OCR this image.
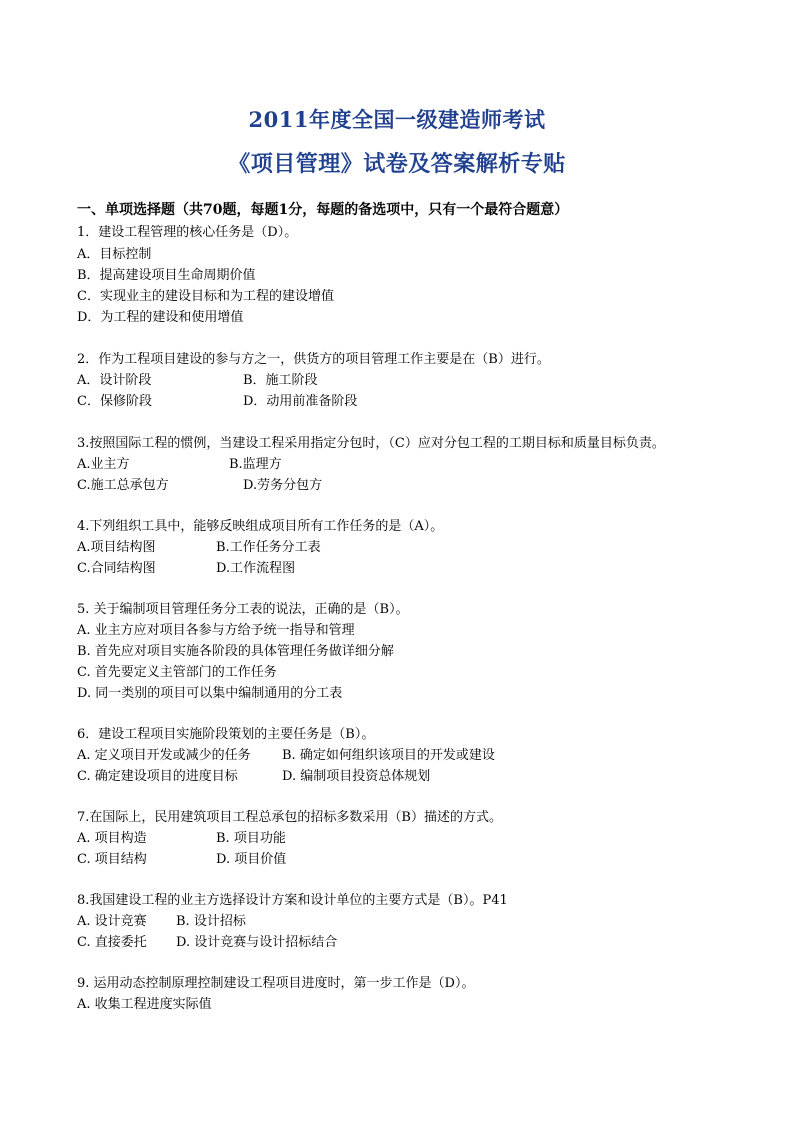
2011年度全国一级建造师考试
《项目管理》试卷及答案解析专贴
一、单项选择题（共70题，每题1分，每题的备选项中，只有一个最符合题意）
1．建设工程管理的核心任务是（D）。
A．目标控制
B．提高建设项目生命周期价值
C．实现业主的建设目标和为工程的建设增值
D．为工程的建设和使用增值
2．作为工程项目建设的参与方之一，供货方的项目管理工作主要是在（B）进行。
A．设计阶段	B．施工阶段
C．保修阶段	D．动用前准备阶段
3.按照国际工程的惯例，当建设工程采用指定分包时，（C）应对分包工程的工期目标和质量目标负责。
A.业主方	B.监理方
C.施工总承包方	D.劳务分包方
4.下列组织工具中，能够反映组成项目所有工作任务的是（A）。
A.项目结构图	B.工作任务分工表
C.合同结构图	D.工作流程图
5. 关于编制项目管理任务分工表的说法，正确的是（B）。
A. 业主方应对项目各参与方给予统一指导和管理
B. 首先应对项目实施各阶段的具体管理任务做详细分解
C. 首先要定义主管部门的工作任务
D. 同一类别的项目可以集中编制通用的分工表
6．建设工程项目实施阶段策划的主要任务是（B）。
A. 定义项目开发或减少的任务 B. 确定如何组织该项目的开发或建设
C. 确定建设项目的进度目标	D. 编制项目投资总体规划
7.在国际上，民用建筑项目工程总承包的招标多数采用（B）描述的方式。
A. 项目构造	B. 项目功能
C. 项目结构	D. 项目价值
8.我国建设工程的业主方选择设计方案和设计单位的主要方式是（B）。P41
A. 设计竞赛 B. 设计招标
C. 直接委托 D. 设计竞赛与设计招标结合
9. 运用动态控制原理控制建设工程项目进度时，第一步工作是（D）。
A. 收集工程进度实际值
